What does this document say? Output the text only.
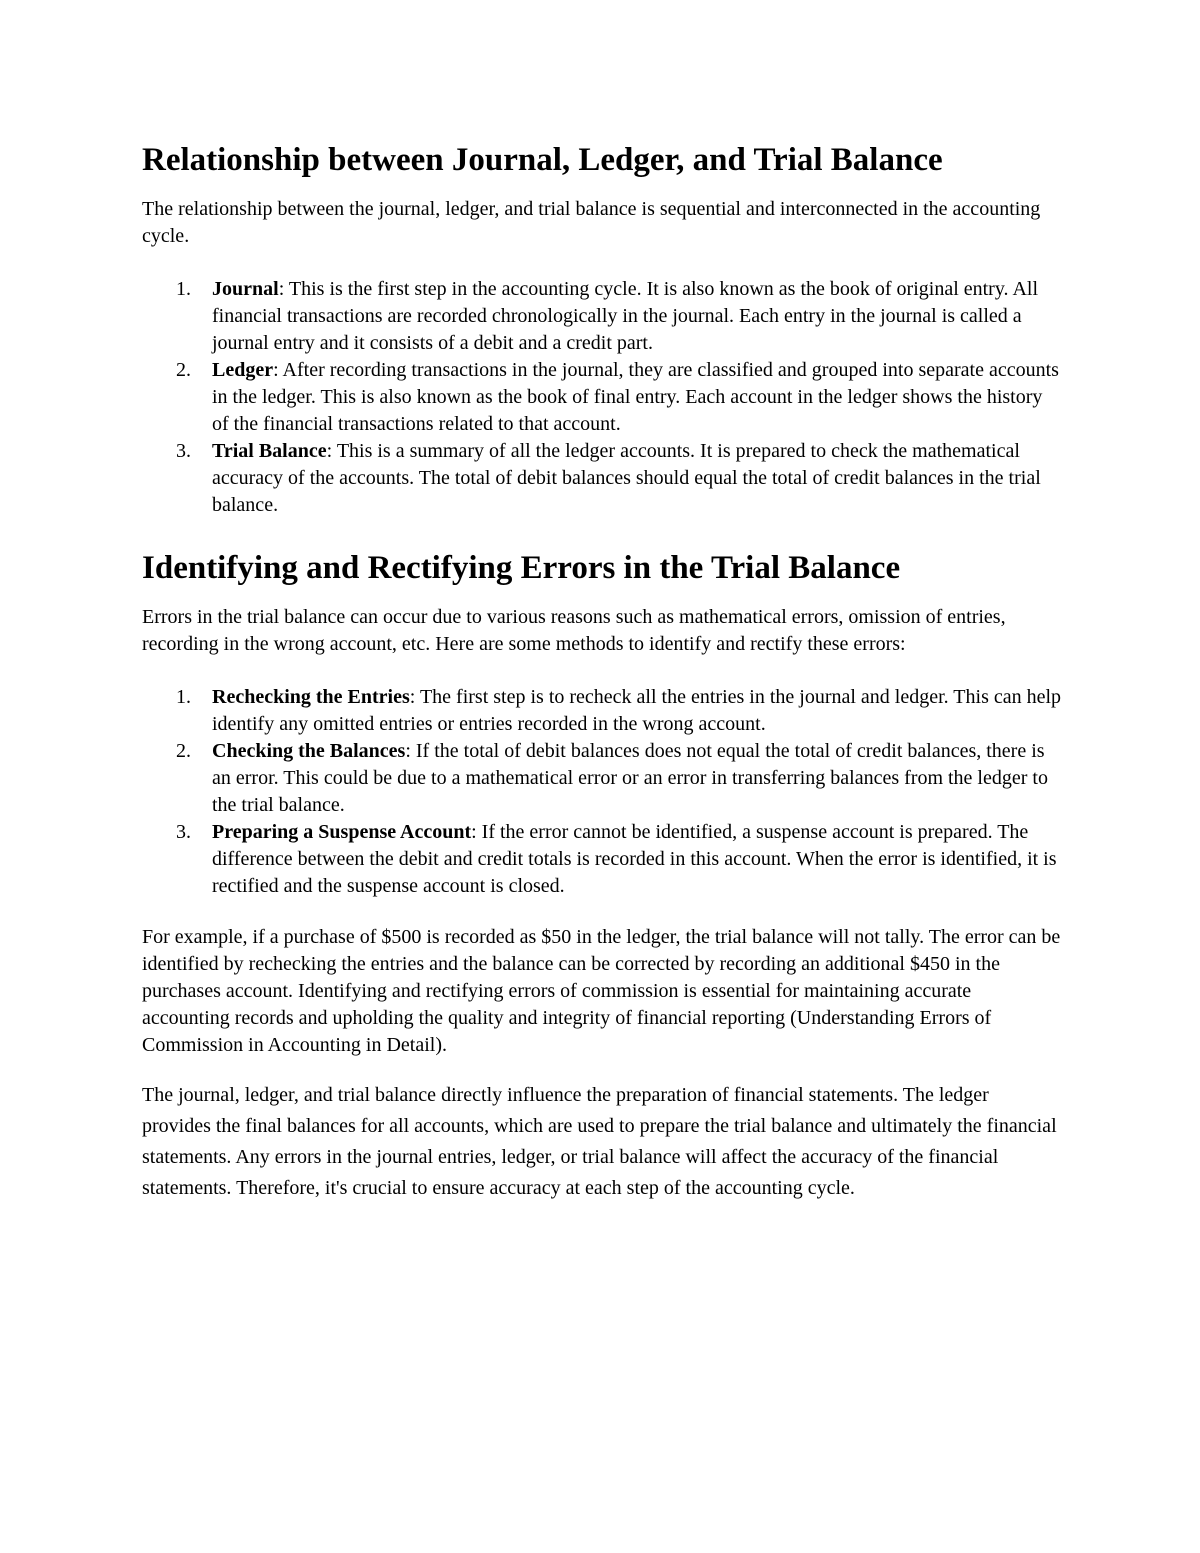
Relationship between Journal, Ledger, and Trial Balance

The relationship between the journal, ledger, and trial balance is sequential and interconnected in the accounting cycle.

1. Journal: This is the first step in the accounting cycle. It is also known as the book of original entry. All financial transactions are recorded chronologically in the journal. Each entry in the journal is called a journal entry and it consists of a debit and a credit part.
2. Ledger: After recording transactions in the journal, they are classified and grouped into separate accounts in the ledger. This is also known as the book of final entry. Each account in the ledger shows the history of the financial transactions related to that account.
3. Trial Balance: This is a summary of all the ledger accounts. It is prepared to check the mathematical accuracy of the accounts. The total of debit balances should equal the total of credit balances in the trial balance.
Identifying and Rectifying Errors in the Trial Balance

Errors in the trial balance can occur due to various reasons such as mathematical errors, omission of entries, recording in the wrong account, etc. Here are some methods to identify and rectify these errors:

1. Rechecking the Entries: The first step is to recheck all the entries in the journal and ledger. This can help identify any omitted entries or entries recorded in the wrong account.
2. Checking the Balances: If the total of debit balances does not equal the total of credit balances, there is an error. This could be due to a mathematical error or an error in transferring balances from the ledger to the trial balance.
3. Preparing a Suspense Account: If the error cannot be identified, a suspense account is prepared. The difference between the debit and credit totals is recorded in this account. When the error is identified, it is rectified and the suspense account is closed.

For example, if a purchase of $500 is recorded as $50 in the ledger, the trial balance will not tally. The error can be identified by rechecking the entries and the balance can be corrected by recording an additional $450 in the purchases account. Identifying and rectifying errors of commission is essential for maintaining accurate accounting records and upholding the quality and integrity of financial reporting (Understanding Errors of Commission in Accounting in Detail).

The journal, ledger, and trial balance directly influence the preparation of financial statements. The ledger provides the final balances for all accounts, which are used to prepare the trial balance and ultimately the financial statements. Any errors in the journal entries, ledger, or trial balance will affect the accuracy of the financial statements. Therefore, it's crucial to ensure accuracy at each step of the accounting cycle.
